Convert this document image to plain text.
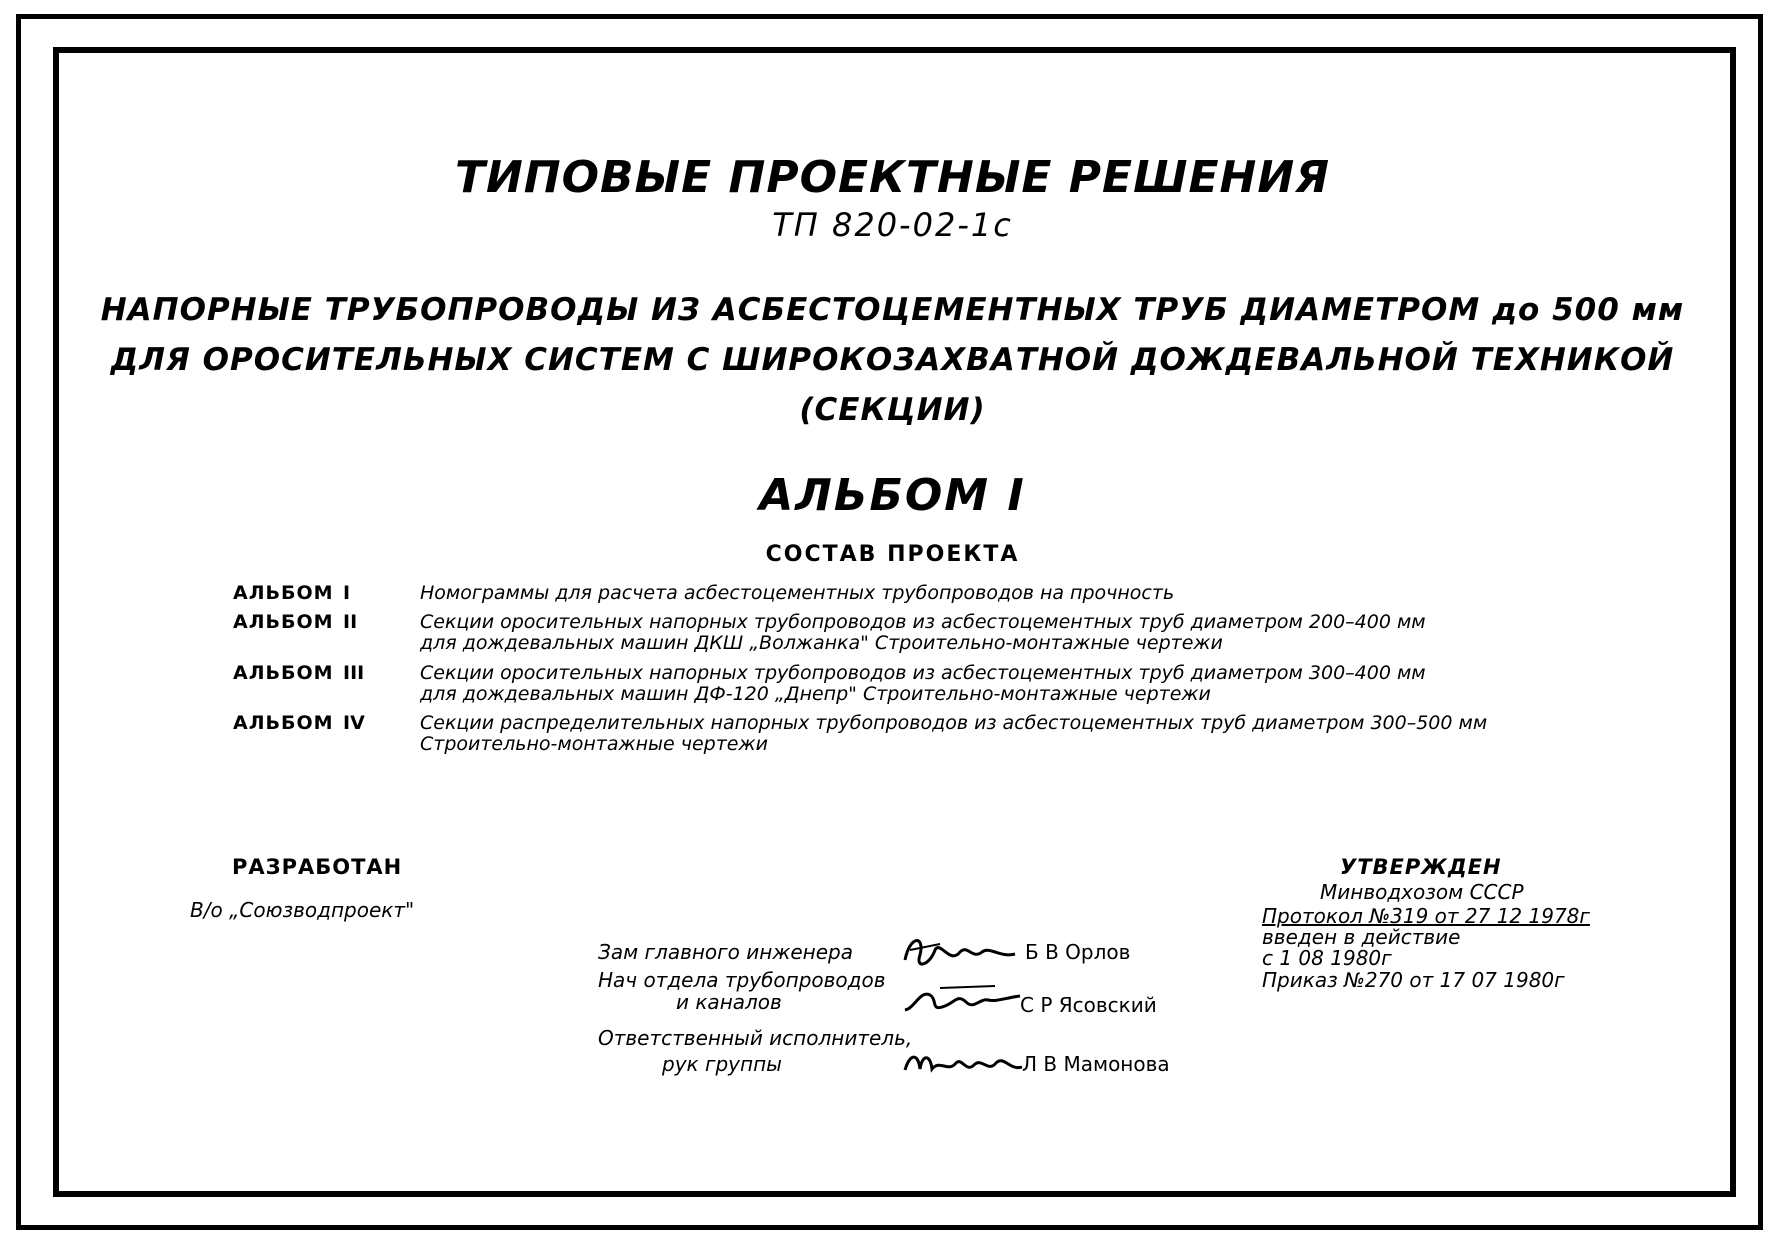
ТИПОВЫЕ ПРОЕКТНЫЕ РЕШЕНИЯ
ТП 820-02-1с
НАПОРНЫЕ ТРУБОПРОВОДЫ ИЗ АСБЕСТОЦЕМЕНТНЫХ ТРУБ ДИАМЕТРОМ до 500 мм
ДЛЯ ОРОСИТЕЛЬНЫХ СИСТЕМ С ШИРОКОЗАХВАТНОЙ ДОЖДЕВАЛЬНОЙ ТЕХНИКОЙ
(СЕКЦИИ)
АЛЬБОМ I
СОСТАВ ПРОЕКТА
АЛЬБОМ I	Номограммы для расчета асбестоцементных трубопроводов на прочность
АЛЬБОМ II	Секции оросительных напорных трубопроводов из асбестоцементных труб диаметром 200–400 мм
для дождевальных машин ДКШ „Волжанка" Строительно-монтажные чертежи
АЛЬБОМ III	Секции оросительных напорных трубопроводов из асбестоцементных труб диаметром 300–400 мм
для дождевальных машин ДФ-120 „Днепр" Строительно-монтажные чертежи
АЛЬБОМ IV	Секции распределительных напорных трубопроводов из асбестоцементных труб диаметром 300–500 мм
Строительно-монтажные чертежи
РАЗРАБОТАН
В/о „Союзводпроект"
УТВЕРЖДЕН
Минводхозом СССР
Протокол №319 от 27 12 1978г
введен в действие
с 1 08 1980г
Приказ №270 от 17 07 1980г
Зам главного инженера	Б В Орлов
Нач отдела трубопроводов
и каналов	С Р Ясовский
Ответственный исполнитель,
рук группы	Л В Мамонова
